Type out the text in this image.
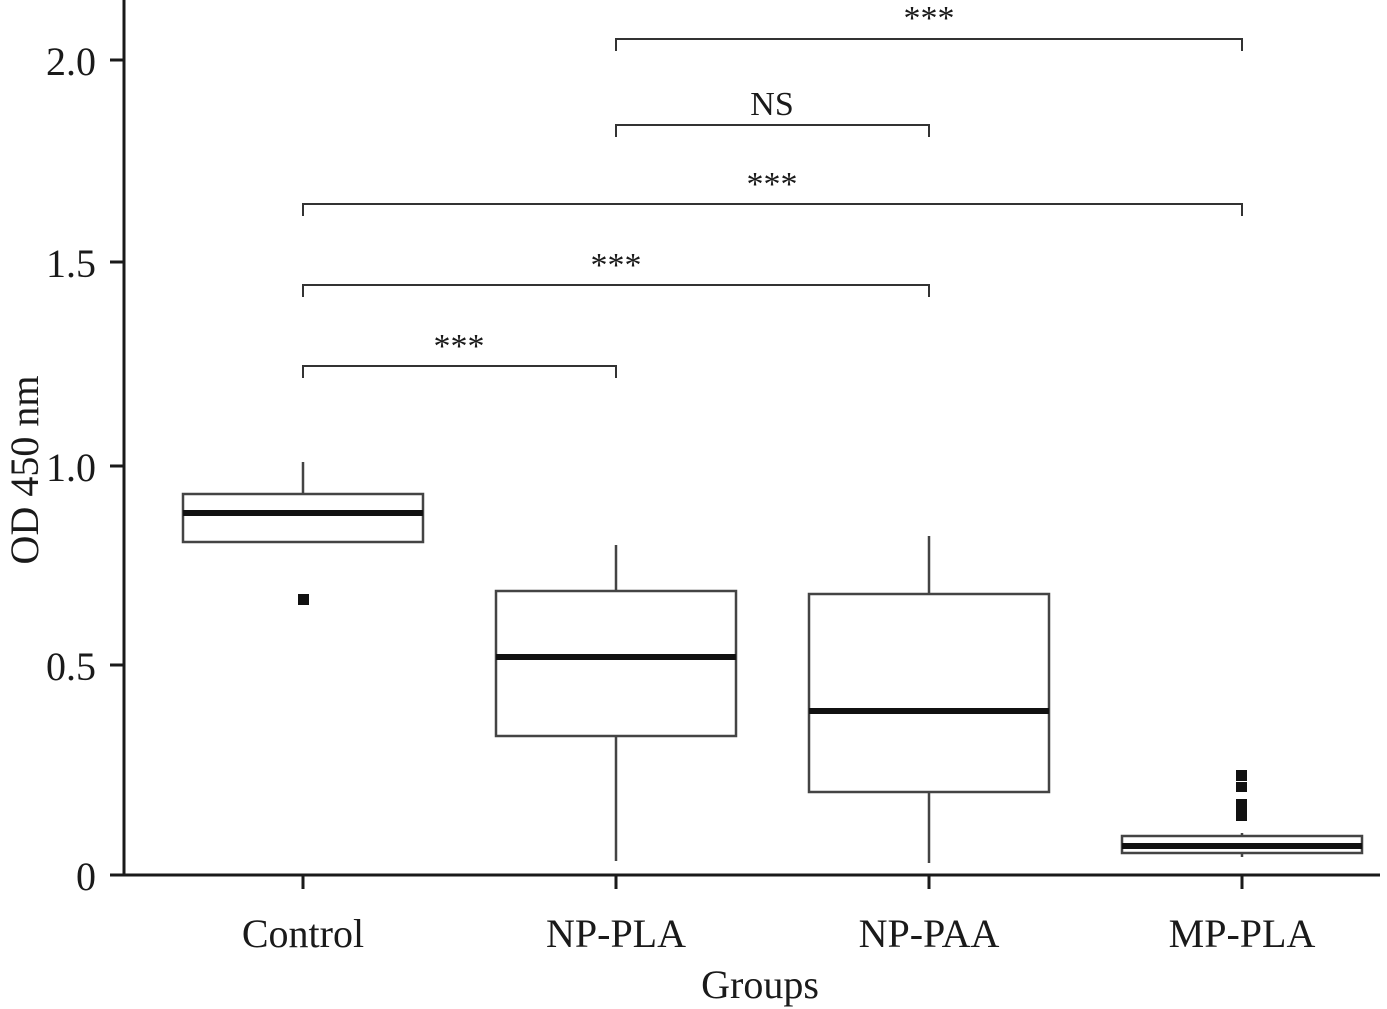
2.0
1.5
1.0
0.5
0
Control	NP-PLA	NP-PAA	MP-PLA
Groups
OD 450 nm
***
***
***
NS
***
